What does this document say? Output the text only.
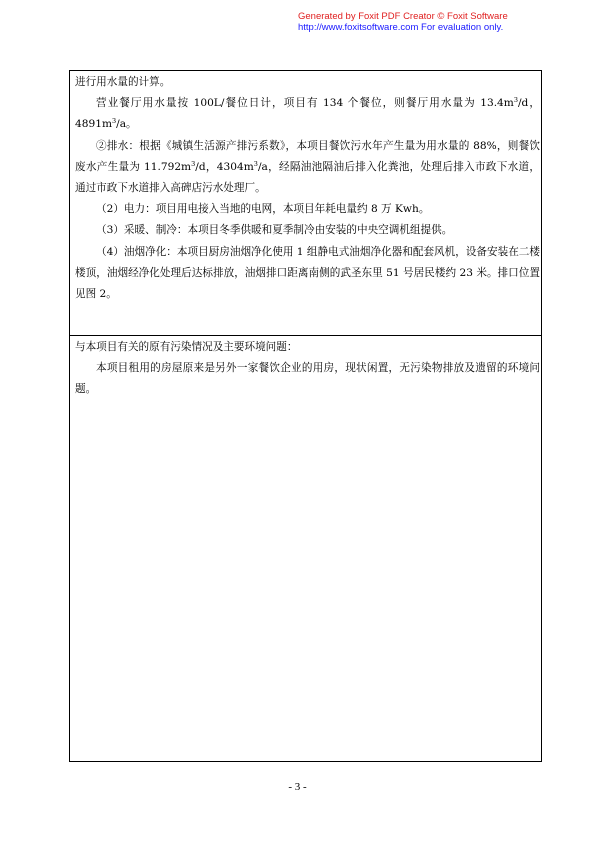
Generated by Foxit PDF Creator © Foxit Software
http://www.foxitsoftware.com For evaluation only.

进行用水量的计算。

营业餐厅用水量按 100L/餐位日计，项目有 134 个餐位，则餐厅用水量为 $13.4m^3/d$，$4891m^3/a$。

②排水：根据《城镇生活源产排污系数》，本项目餐饮污水年产生量为用水量的 88%，则餐饮废水产生量为 $11.792m^3/d$，$4304m^3/a$，经隔油池隔油后排入化粪池，处理后排入市政下水道，通过市政下水道排入高碑店污水处理厂。

（2）电力：项目用电接入当地的电网，本项目年耗电量约 8 万 Kwh。

（3）采暖、制冷：本项目冬季供暖和夏季制冷由安装的中央空调机组提供。

（4）油烟净化：本项目厨房油烟净化使用 1 组静电式油烟净化器和配套风机，设备安装在二楼楼顶，油烟经净化处理后达标排放，油烟排口距离南侧的武圣东里 51 号居民楼约 23 米。排口位置见图 2。

与本项目有关的原有污染情况及主要环境问题：

本项目租用的房屋原来是另外一家餐饮企业的用房，现状闲置，无污染物排放及遗留的环境问题。

- 3 -
